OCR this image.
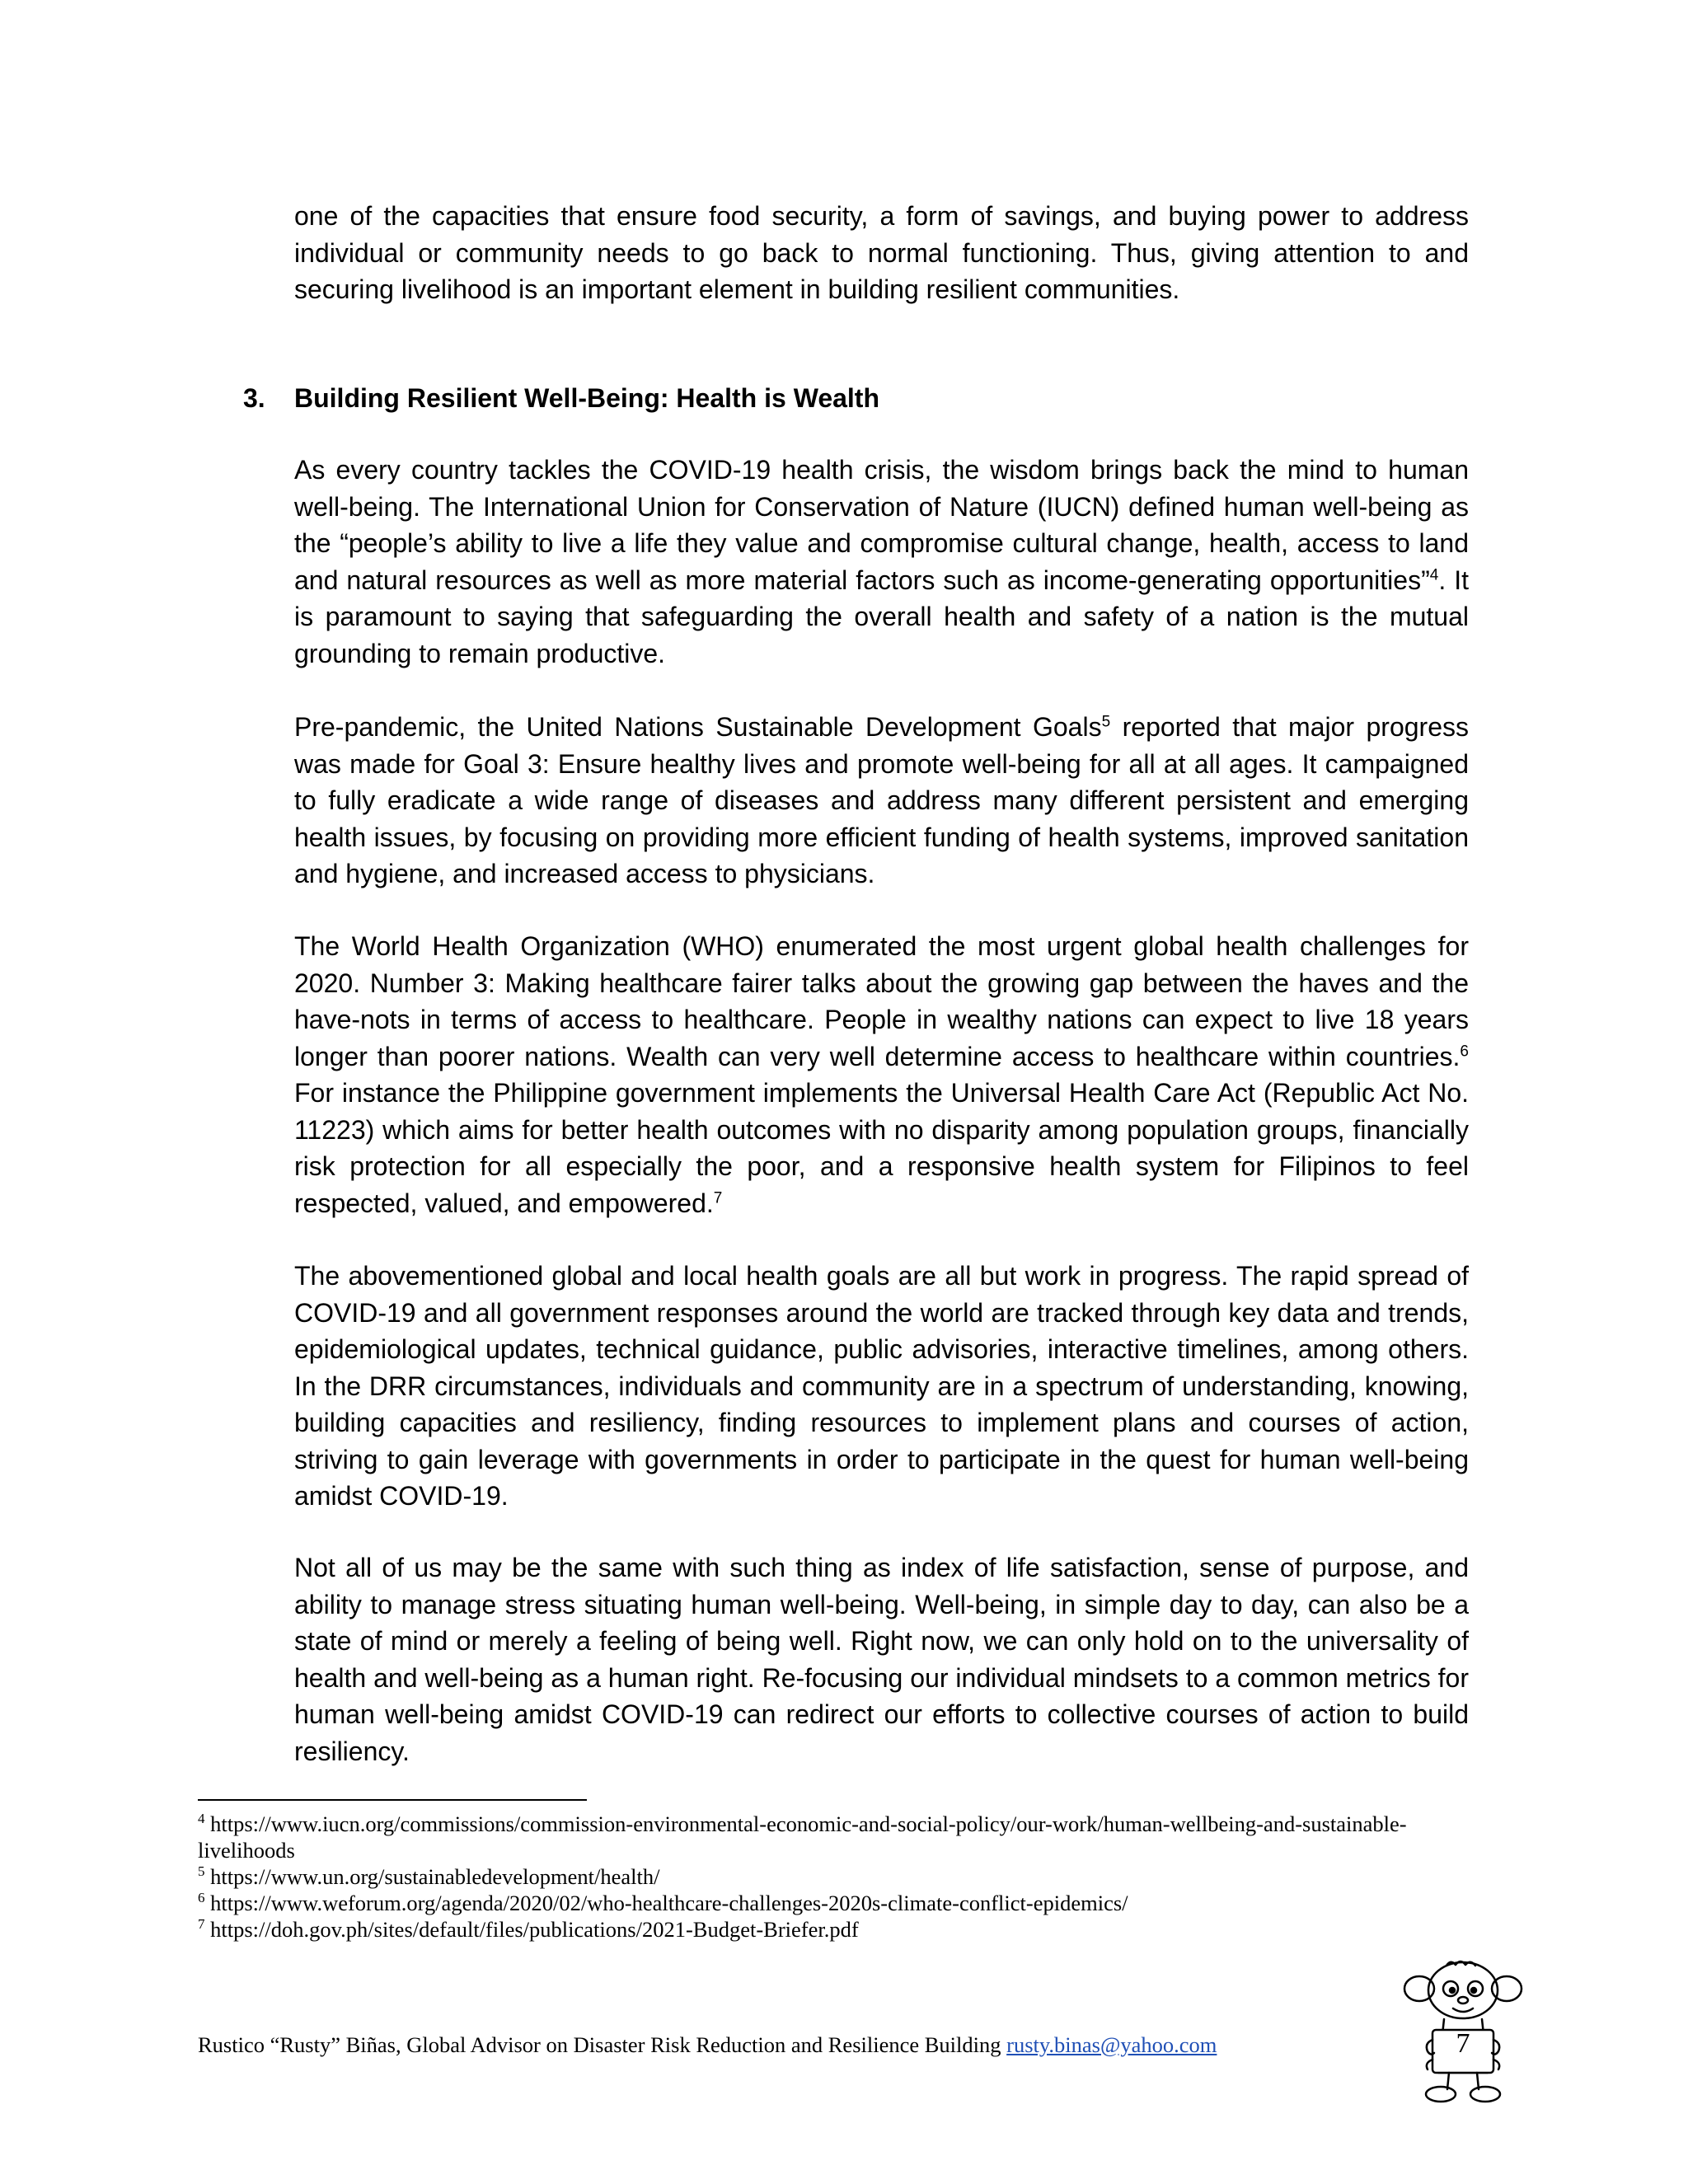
one of the capacities that ensure food security, a form of savings, and buying power to address individual or community needs to go back to normal functioning. Thus, giving attention to and securing livelihood is an important element in building resilient communities.

3. Building Resilient Well-Being: Health is Wealth

As every country tackles the COVID-19 health crisis, the wisdom brings back the mind to human well-being. The International Union for Conservation of Nature (IUCN) defined human well-being as the “people’s ability to live a life they value and compromise cultural change, health, access to land and natural resources as well as more material factors such as income-generating opportunities”$^4$. It is paramount to saying that safeguarding the overall health and safety of a nation is the mutual grounding to remain productive.

Pre-pandemic, the United Nations Sustainable Development Goals$^5$ reported that major progress was made for Goal 3: Ensure healthy lives and promote well-being for all at all ages. It campaigned to fully eradicate a wide range of diseases and address many different persistent and emerging health issues, by focusing on providing more efficient funding of health systems, improved sanitation and hygiene, and increased access to physicians.

The World Health Organization (WHO) enumerated the most urgent global health challenges for 2020. Number 3: Making healthcare fairer talks about the growing gap between the haves and the have-nots in terms of access to healthcare. People in wealthy nations can expect to live 18 years longer than poorer nations. Wealth can very well determine access to healthcare within countries.$^6$ For instance the Philippine government implements the Universal Health Care Act (Republic Act No. 11223) which aims for better health outcomes with no disparity among population groups, financially risk protection for all especially the poor, and a responsive health system for Filipinos to feel respected, valued, and empowered.$^7$

The abovementioned global and local health goals are all but work in progress. The rapid spread of COVID-19 and all government responses around the world are tracked through key data and trends, epidemiological updates, technical guidance, public advisories, interactive timelines, among others. In the DRR circumstances, individuals and community are in a spectrum of understanding, knowing, building capacities and resiliency, finding resources to implement plans and courses of action, striving to gain leverage with governments in order to participate in the quest for human well-being amidst COVID-19.

Not all of us may be the same with such thing as index of life satisfaction, sense of purpose, and ability to manage stress situating human well-being. Well-being, in simple day to day, can also be a state of mind or merely a feeling of being well. Right now, we can only hold on to the universality of health and well-being as a human right. Re-focusing our individual mindsets to a common metrics for human well-being amidst COVID-19 can redirect our efforts to collective courses of action to build resiliency.

$^4$ https://www.iucn.org/commissions/commission-environmental-economic-and-social-policy/our-work/human-wellbeing-and-sustainable-livelihoods

$^5$ https://www.un.org/sustainabledevelopment/health/

$^6$ https://www.weforum.org/agenda/2020/02/who-healthcare-challenges-2020s-climate-conflict-epidemics/

$^7$ https://doh.gov.ph/sites/default/files/publications/2021-Budget-Briefer.pdf

Rustico “Rusty” Biñas, Global Advisor on Disaster Risk Reduction and Resilience Building rusty.binas@yahoo.com	7
